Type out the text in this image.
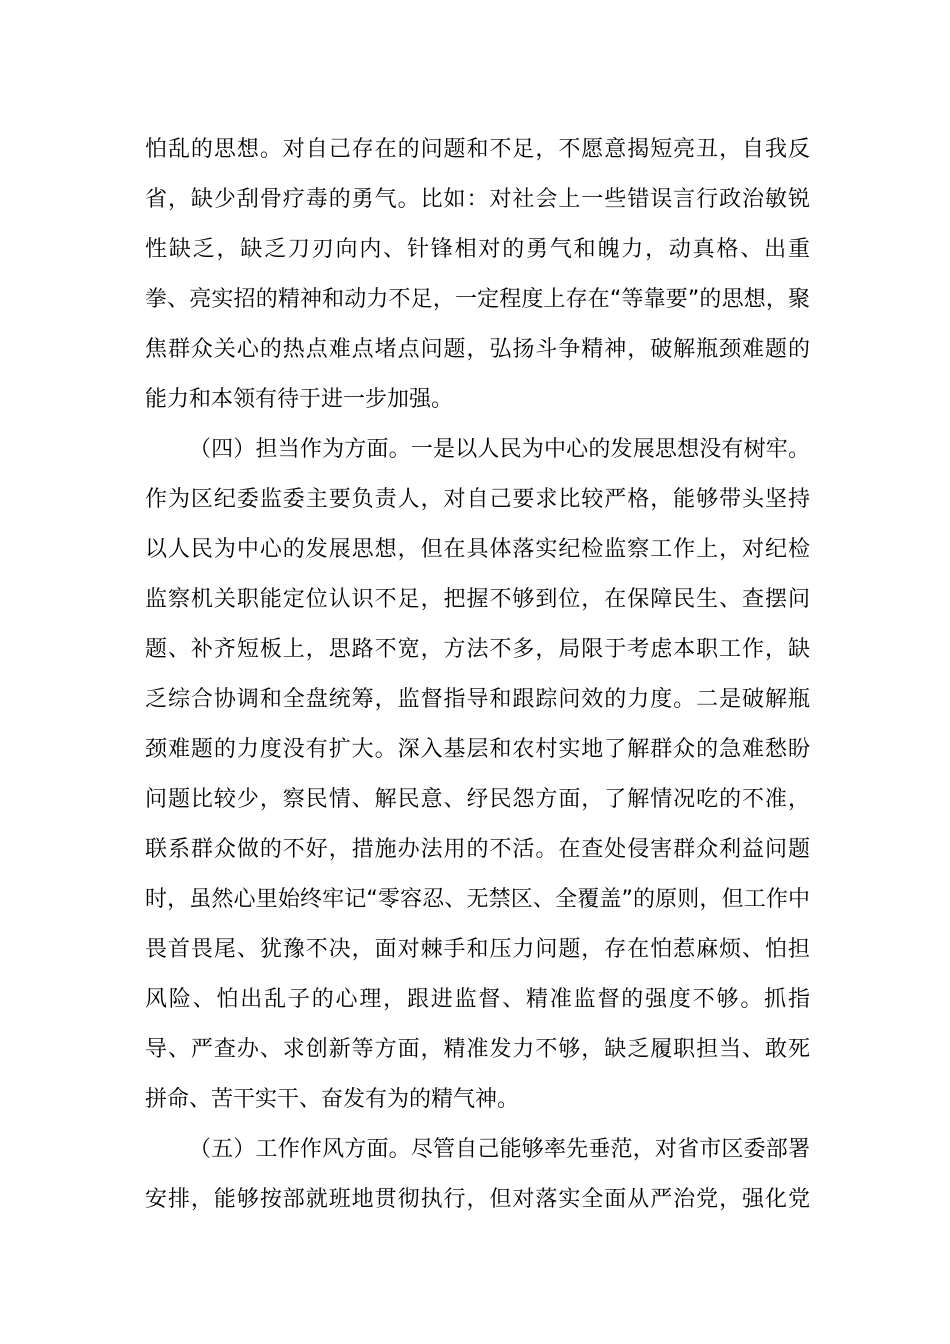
怕乱的思想。对自己存在的问题和不足，不愿意揭短亮丑，自我反
省，缺少刮骨疗毒的勇气。比如：对社会上一些错误言行政治敏锐
性缺乏，缺乏刀刃向内、针锋相对的勇气和魄力，动真格、出重
拳、亮实招的精神和动力不足，一定程度上存在“等靠要”的思想，聚
焦群众关心的热点难点堵点问题，弘扬斗争精神，破解瓶颈难题的
能力和本领有待于进一步加强。
（四）担当作为方面。一是以人民为中心的发展思想没有树牢。
作为区纪委监委主要负责人，对自己要求比较严格，能够带头坚持
以人民为中心的发展思想，但在具体落实纪检监察工作上，对纪检
监察机关职能定位认识不足，把握不够到位，在保障民生、查摆问
题、补齐短板上，思路不宽，方法不多，局限于考虑本职工作，缺
乏综合协调和全盘统筹，监督指导和跟踪问效的力度。二是破解瓶
颈难题的力度没有扩大。深入基层和农村实地了解群众的急难愁盼
问题比较少，察民情、解民意、纾民怨方面，了解情况吃的不准，
联系群众做的不好，措施办法用的不活。在查处侵害群众利益问题
时，虽然心里始终牢记“零容忍、无禁区、全覆盖”的原则，但工作中
畏首畏尾、犹豫不决，面对棘手和压力问题，存在怕惹麻烦、怕担
风险、怕出乱子的心理，跟进监督、精准监督的强度不够。抓指
导、严查办、求创新等方面，精准发力不够，缺乏履职担当、敢死
拼命、苦干实干、奋发有为的精气神。
（五）工作作风方面。尽管自己能够率先垂范，对省市区委部署
安排，能够按部就班地贯彻执行，但对落实全面从严治党，强化党
